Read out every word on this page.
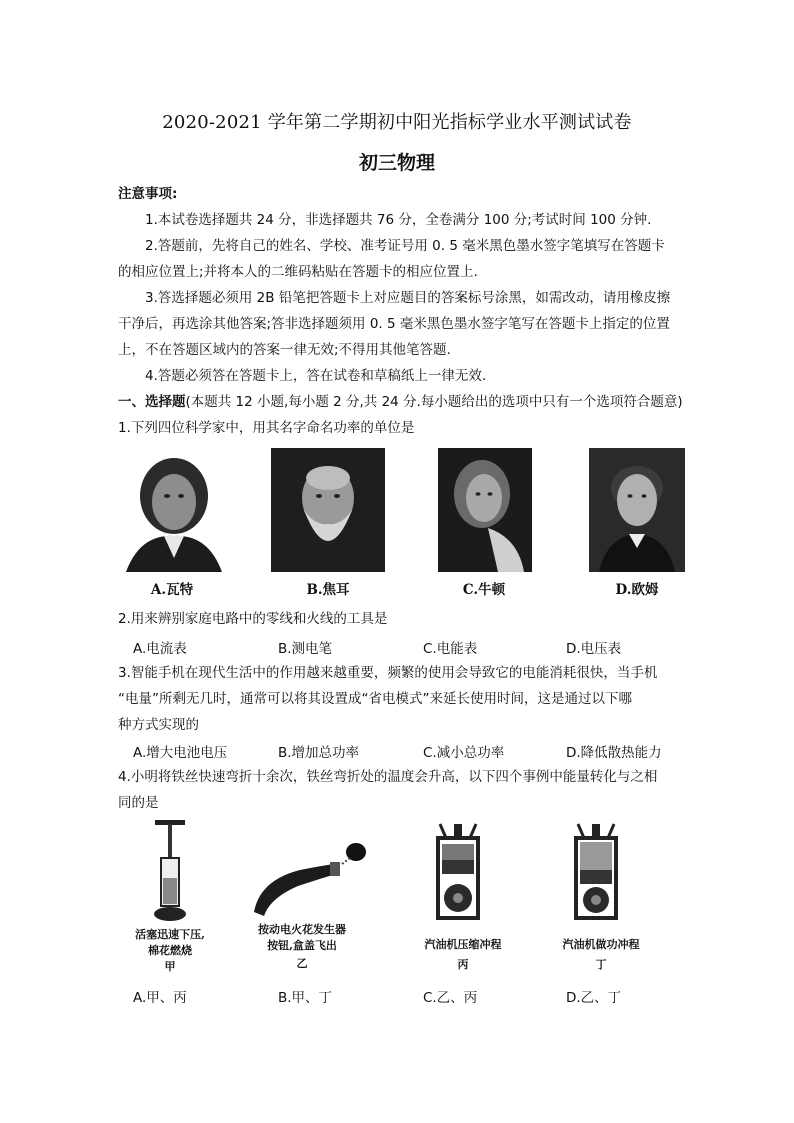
2020-2021 学年第二学期初中阳光指标学业水平测试试卷
初三物理
注意事项:
1.本试卷选择题共 24 分，非选择题共 76 分，全卷满分 100 分;考试时间 100 分钟.
2.答题前，先将自己的姓名、学校、准考证号用 0. 5 毫米黑色墨水签字笔填写在答题卡
的相应位置上;并将本人的二维码粘贴在答题卡的相应位置上.
3.答选择题必须用 2B 铅笔把答题卡上对应题目的答案标号涂黑，如需改动，请用橡皮擦
干净后，再选涂其他答案;答非选择题须用 0. 5 毫米黑色墨水签字笔写在答题卡上指定的位置
上，不在答题区域内的答案一律无效;不得用其他笔答题.
4.答题必须答在答题卡上，答在试卷和草稿纸上一律无效.
一、选择题(本题共 12 小题,每小题 2 分,共 24 分.每小题给出的选项中只有一个选项符合题意)
1.下列四位科学家中，用其名字命名功率的单位是
A.瓦特	B.焦耳	C.牛顿	D.欧姆
2.用来辨别家庭电路中的零线和火线的工具是
A.电流表	B.测电笔	C.电能表	D.电压表
3.智能手机在现代生活中的作用越来越重要，频繁的使用会导致它的电能消耗很快，当手机
“电量”所剩无几时，通常可以将其设置成“省电模式”来延长使用时间，这是通过以下哪
种方式实现的
A.增大电池电压	B.增加总功率	C.减小总功率	D.降低散热能力
4.小明将铁丝快速弯折十余次，铁丝弯折处的温度会升高，以下四个事例中能量转化与之相
同的是
活塞迅速下压,
棉花燃烧
甲
按动电火花发生器
按钮,盒盖飞出
乙
汽油机压缩冲程
丙
汽油机做功冲程
丁
A.甲、丙	B.甲、丁	C.乙、丙	D.乙、丁
